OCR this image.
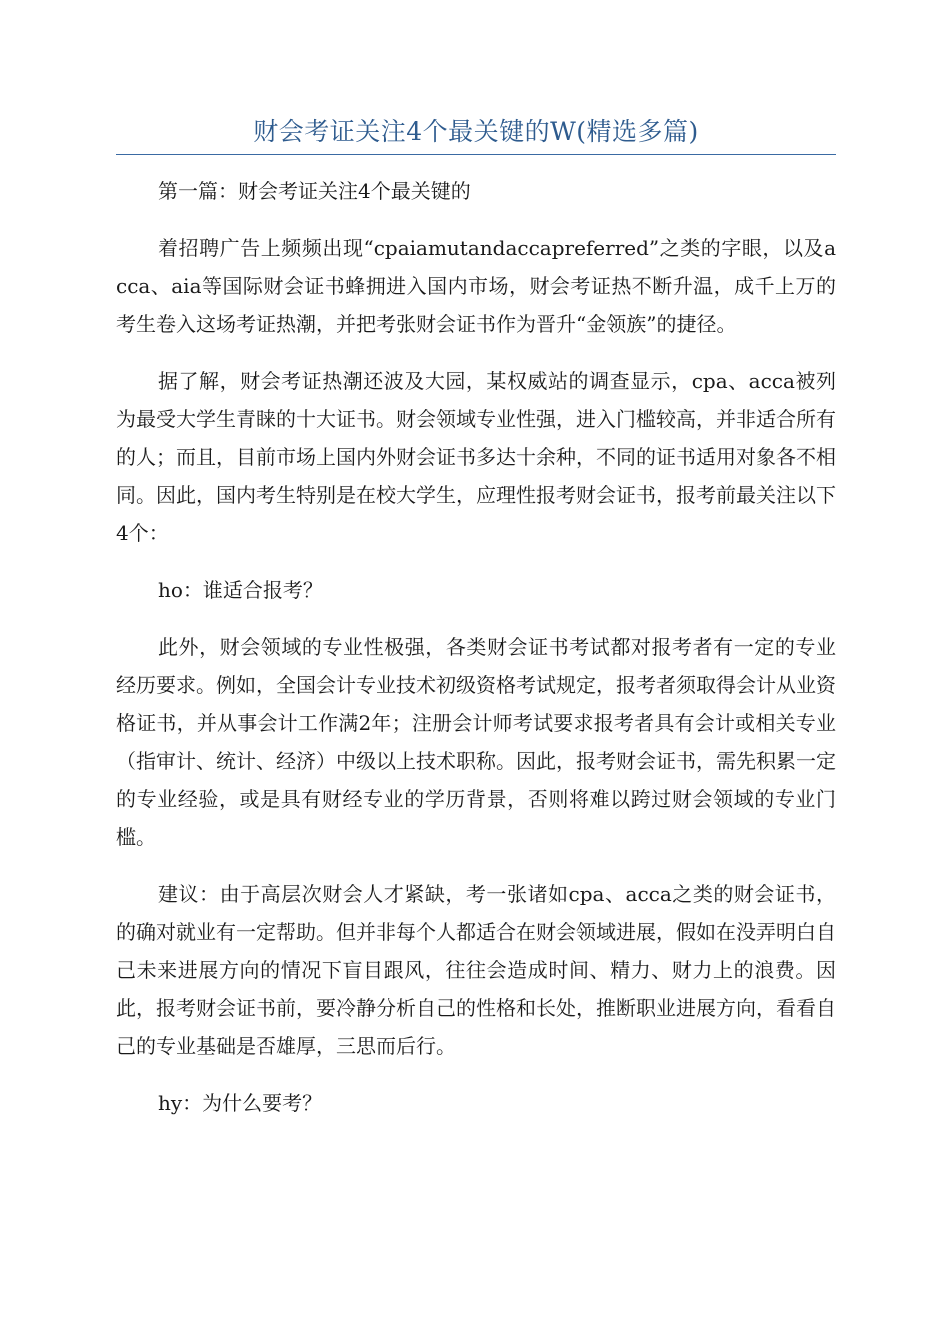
财会考证关注4个最关键的W(精选多篇)

第一篇：财会考证关注4个最关键的

着招聘广告上频频出现“cpaiamutandaccapreferred”之类的字眼，以及acca、aia等国际财会证书蜂拥进入国内市场，财会考证热不断升温，成千上万的考生卷入这场考证热潮，并把考张财会证书作为晋升“金领族”的捷径。

据了解，财会考证热潮还波及大园，某权威站的调查显示，cpa、acca被列为最受大学生青睐的十大证书。财会领域专业性强，进入门槛较高，并非适合所有的人；而且，目前市场上国内外财会证书多达十余种，不同的证书适用对象各不相同。因此，国内考生特别是在校大学生，应理性报考财会证书，报考前最关注以下4个：

ho：谁适合报考？

此外，财会领域的专业性极强，各类财会证书考试都对报考者有一定的专业经历要求。例如，全国会计专业技术初级资格考试规定，报考者须取得会计从业资格证书，并从事会计工作满2年；注册会计师考试要求报考者具有会计或相关专业（指审计、统计、经济）中级以上技术职称。因此，报考财会证书，需先积累一定的专业经验，或是具有财经专业的学历背景，否则将难以跨过财会领域的专业门槛。

建议：由于高层次财会人才紧缺，考一张诸如cpa、acca之类的财会证书，的确对就业有一定帮助。但并非每个人都适合在财会领域进展，假如在没弄明白自己未来进展方向的情况下盲目跟风，往往会造成时间、精力、财力上的浪费。因此，报考财会证书前，要冷静分析自己的性格和长处，推断职业进展方向，看看自己的专业基础是否雄厚，三思而后行。

hy：为什么要考？
